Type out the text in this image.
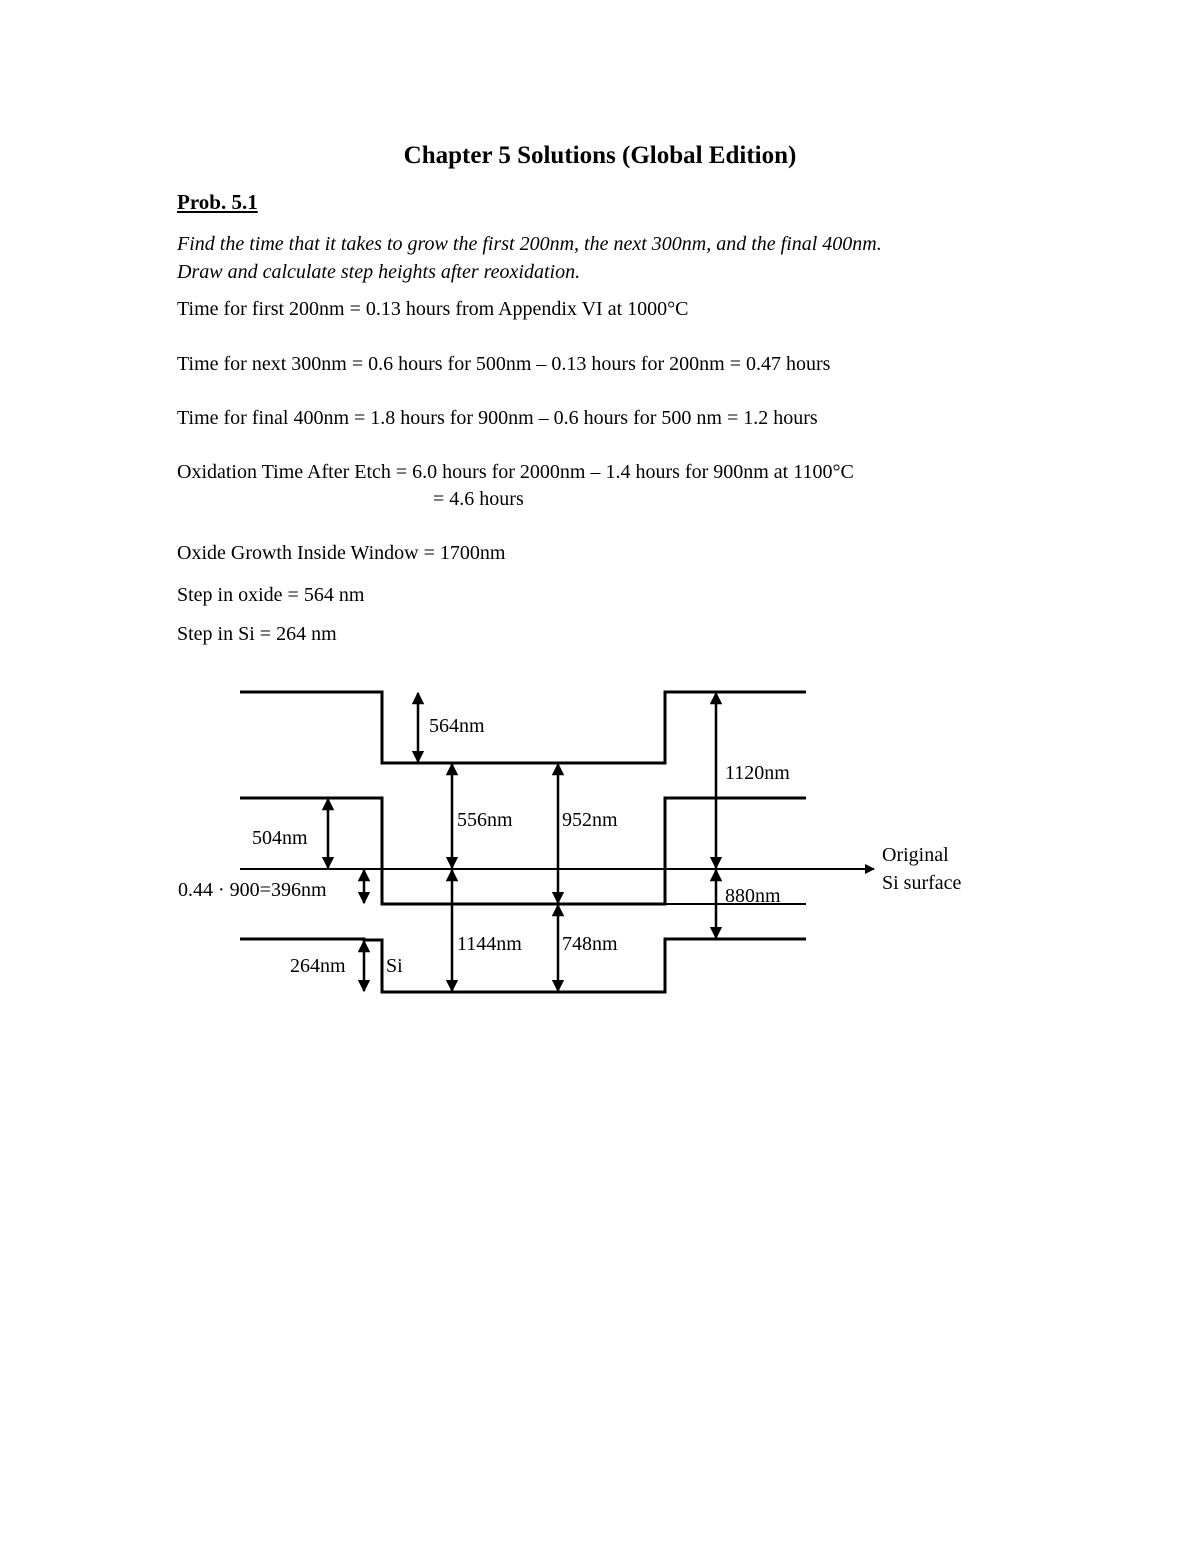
Chapter 5 Solutions (Global Edition)
Prob. 5.1
Find the time that it takes to grow the first 200nm, the next 300nm, and the final 400nm.
Draw and calculate step heights after reoxidation.
Time for first 200nm = 0.13 hours from Appendix VI at 1000°C
Time for next 300nm = 0.6 hours for 500nm – 0.13 hours for 200nm = 0.47 hours
Time for final 400nm = 1.8 hours for 900nm – 0.6 hours for 500 nm = 1.2 hours
Oxidation Time After Etch = 6.0 hours for 2000nm – 1.4 hours for 900nm at 1100°C
= 4.6 hours
Oxide Growth Inside Window = 1700nm
Step in oxide = 564 nm
Step in Si = 264 nm
564nm
1120nm
556nm 952nm
504nm
0.44 · 900=396nm
1144nm 748nm
880nm
264nm Si
Original
Si surface
